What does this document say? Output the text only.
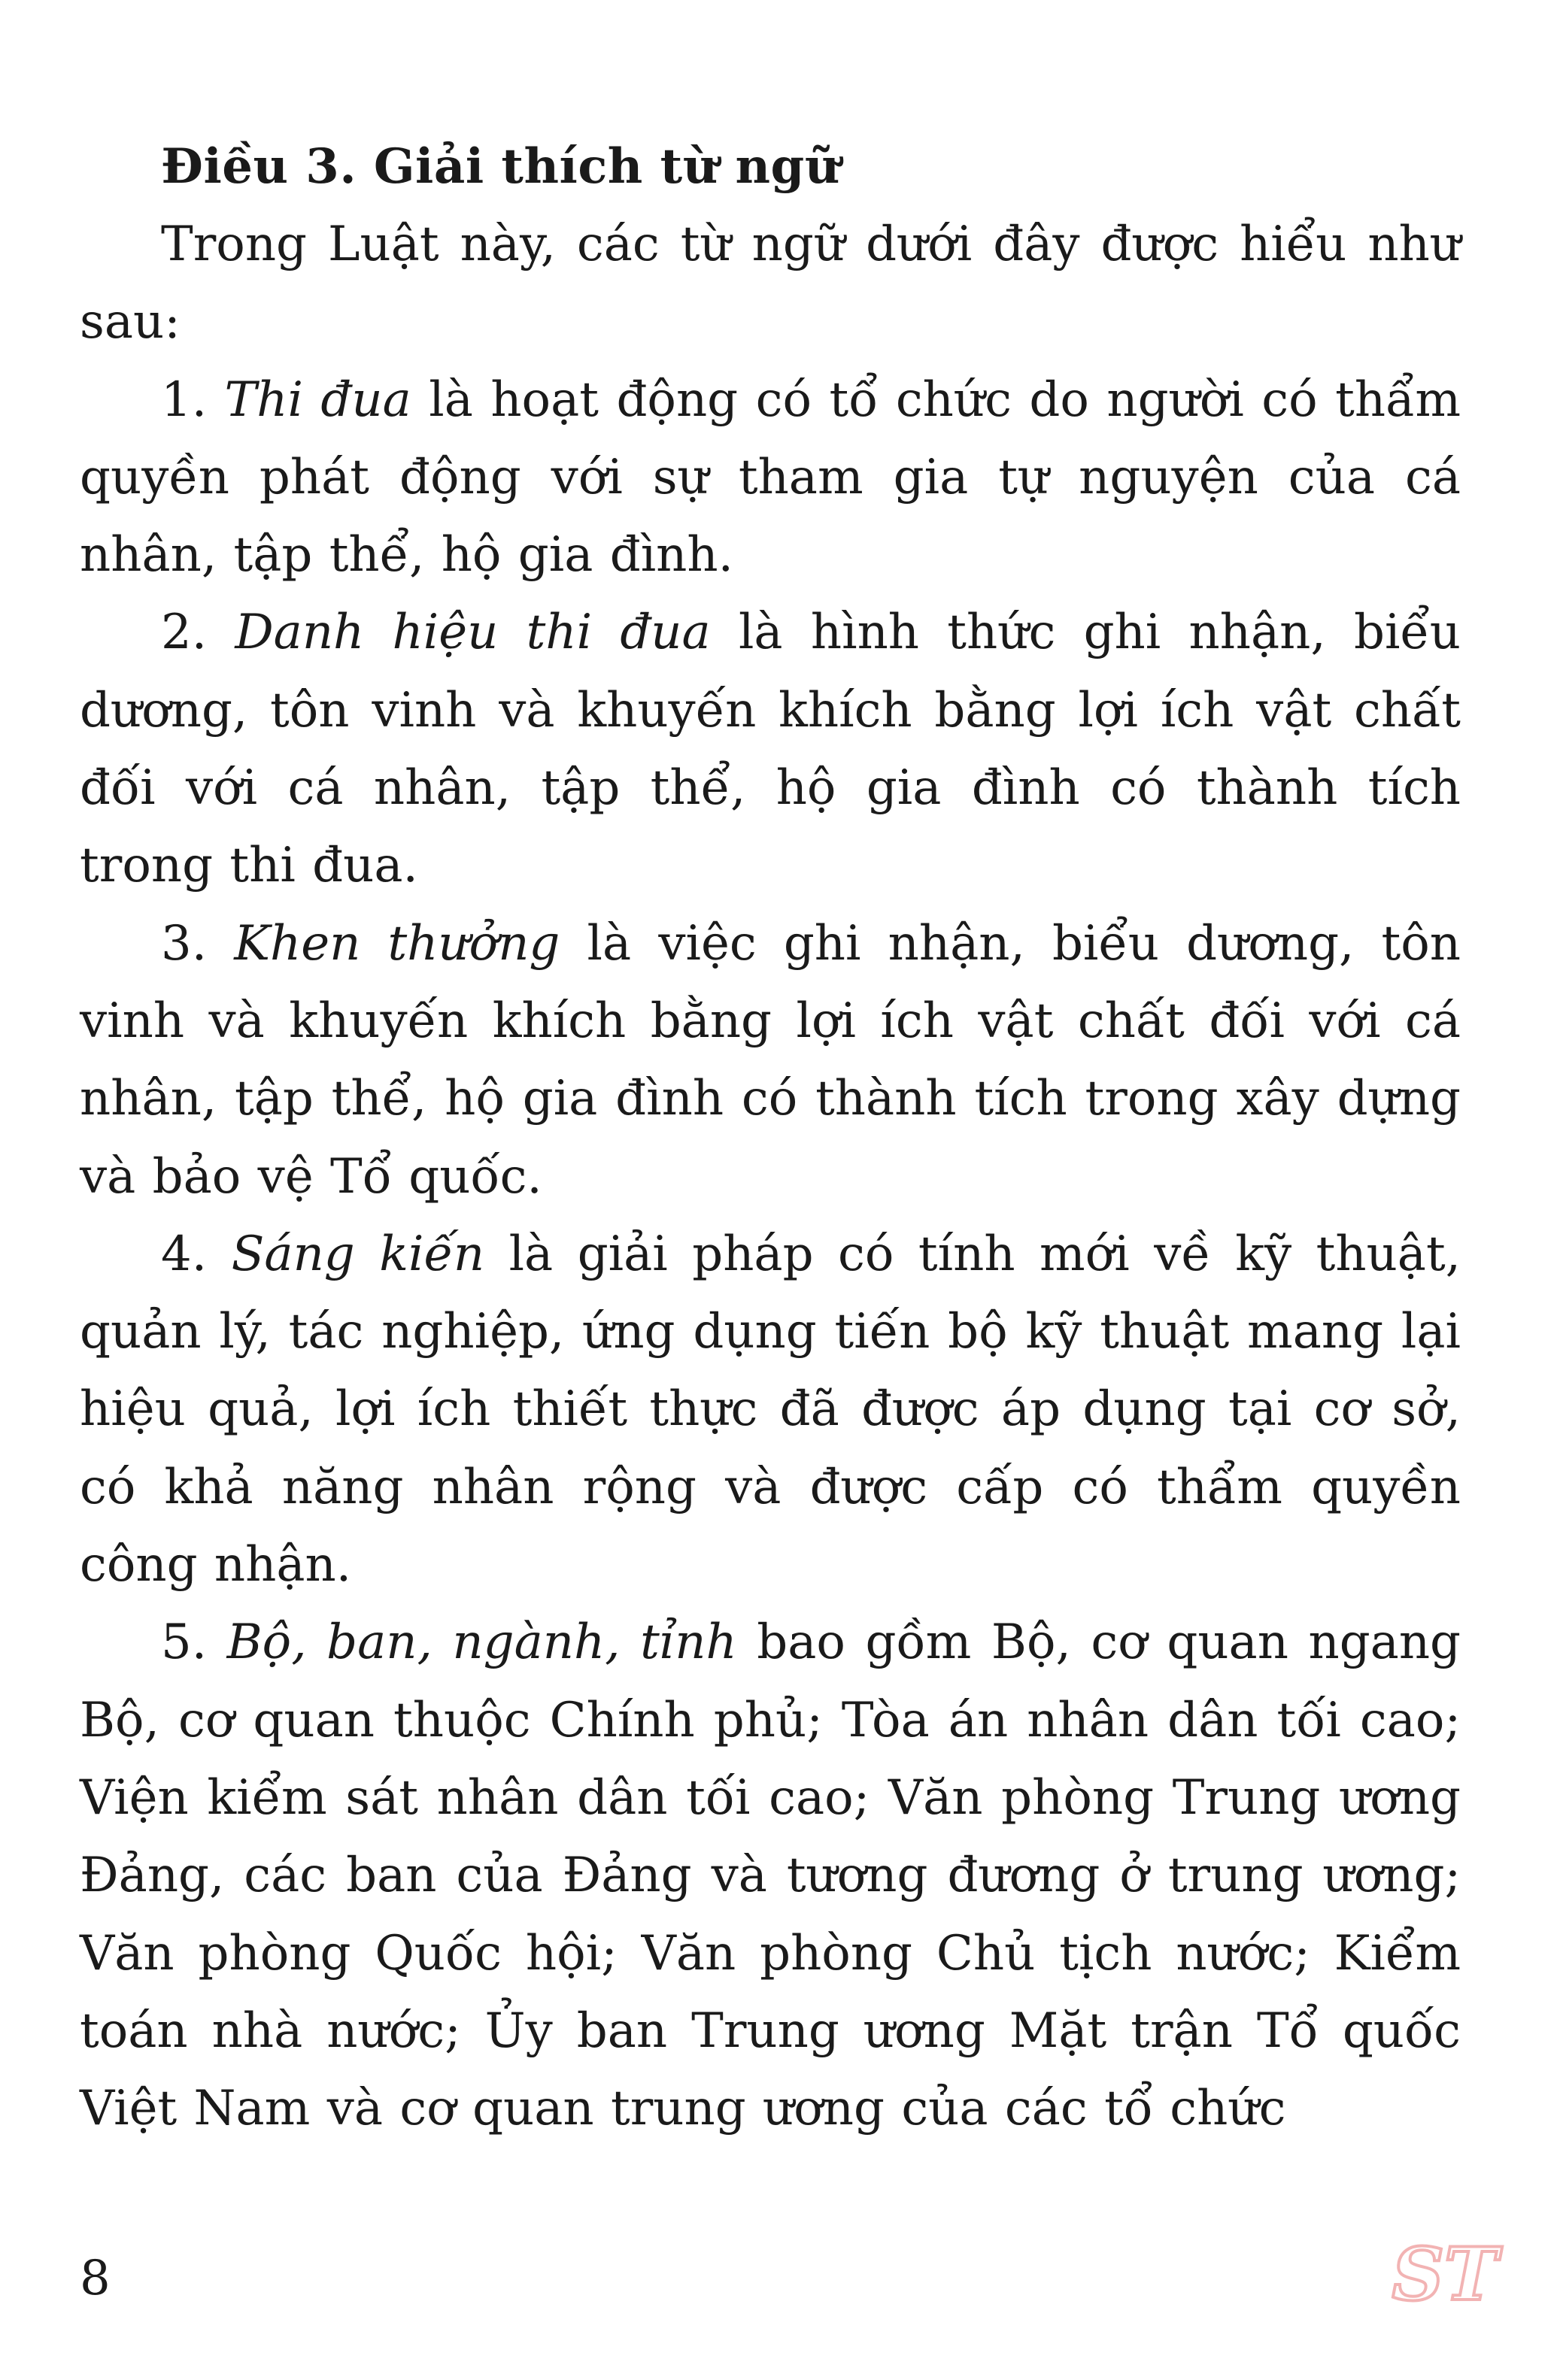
Điều 3. Giải thích từ ngữ

Trong Luật này, các từ ngữ dưới đây được hiểu như sau:

1. Thi đua là hoạt động có tổ chức do người có thẩm quyền phát động với sự tham gia tự nguyện của cá nhân, tập thể, hộ gia đình.

2. Danh hiệu thi đua là hình thức ghi nhận, biểu dương, tôn vinh và khuyến khích bằng lợi ích vật chất đối với cá nhân, tập thể, hộ gia đình có thành tích trong thi đua.

3. Khen thưởng là việc ghi nhận, biểu dương, tôn vinh và khuyến khích bằng lợi ích vật chất đối với cá nhân, tập thể, hộ gia đình có thành tích trong xây dựng và bảo vệ Tổ quốc.

4. Sáng kiến là giải pháp có tính mới về kỹ thuật, quản lý, tác nghiệp, ứng dụng tiến bộ kỹ thuật mang lại hiệu quả, lợi ích thiết thực đã được áp dụng tại cơ sở, có khả năng nhân rộng và được cấp có thẩm quyền công nhận.

5. Bộ, ban, ngành, tỉnh bao gồm Bộ, cơ quan ngang Bộ, cơ quan thuộc Chính phủ; Tòa án nhân dân tối cao; Viện kiểm sát nhân dân tối cao; Văn phòng Trung ương Đảng, các ban của Đảng và tương đương ở trung ương; Văn phòng Quốc hội; Văn phòng Chủ tịch nước; Kiểm toán nhà nước; Ủy ban Trung ương Mặt trận Tổ quốc Việt Nam và cơ quan trung ương của các tổ chức

8	ST
